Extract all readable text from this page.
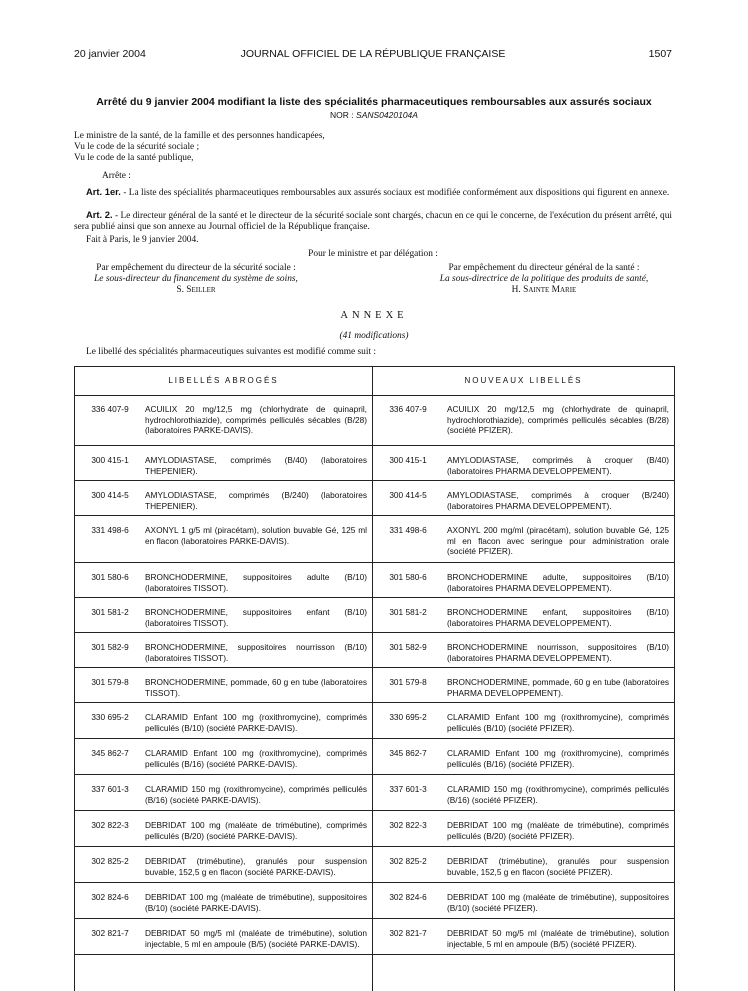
20 janvier 2004	JOURNAL OFFICIEL DE LA RÉPUBLIQUE FRANÇAISE	1507
Arrêté du 9 janvier 2004 modifiant la liste des spécialités pharmaceutiques remboursables aux assurés sociaux
NOR : SANS0420104A
Le ministre de la santé, de la famille et des personnes handicapées,
Vu le code de la sécurité sociale ;
Vu le code de la santé publique,
Arrête :
Art. 1er. - La liste des spécialités pharmaceutiques remboursables aux assurés sociaux est modifiée conformément aux dispositions qui figurent en annexe.
Art. 2. - Le directeur général de la santé et le directeur de la sécurité sociale sont chargés, chacun en ce qui le concerne, de l'exécution du présent arrêté, qui sera publié ainsi que son annexe au Journal officiel de la République française.
Fait à Paris, le 9 janvier 2004.
Pour le ministre et par délégation :
Par empêchement du directeur de la sécurité sociale :
Le sous-directeur du financement du système de soins,
S. Seiller
Par empêchement du directeur général de la santé :
La sous-directrice de la politique des produits de santé,
H. Sainte Marie
ANNEXE
(41 modifications)
Le libellé des spécialités pharmaceutiques suivantes est modifié comme suit :
LIBELLÉS ABROGÉS	NOUVEAUX LIBELLÉS
336 407-9	ACUILIX 20 mg/12,5 mg (chlorhydrate de quinapril, hydrochlorothiazide), comprimés pelliculés sécables (B/28) (laboratoires PARKE-DAVIS).
336 407-9	ACUILIX 20 mg/12,5 mg (chlorhydrate de quinapril, hydrochlorothiazide), comprimés pelliculés sécables (B/28) (société PFIZER).
300 415-1	AMYLODIASTASE, comprimés (B/40) (laboratoires THEPENIER).
300 415-1	AMYLODIASTASE, comprimés à croquer (B/40) (laboratoires PHARMA DEVELOPPEMENT).
300 414-5	AMYLODIASTASE, comprimés (B/240) (laboratoires THEPENIER).
300 414-5	AMYLODIASTASE, comprimés à croquer (B/240) (laboratoires PHARMA DEVELOPPEMENT).
331 498-6	AXONYL 1 g/5 ml (piracétam), solution buvable Gé, 125 ml en flacon (laboratoires PARKE-DAVIS).
331 498-6	AXONYL 200 mg/ml (piracétam), solution buvable Gé, 125 ml en flacon avec seringue pour administration orale (société PFIZER).
301 580-6	BRONCHODERMINE, suppositoires adulte (B/10) (laboratoires TISSOT).
301 580-6	BRONCHODERMINE adulte, suppositoires (B/10) (laboratoires PHARMA DEVELOPPEMENT).
301 581-2	BRONCHODERMINE, suppositoires enfant (B/10) (laboratoires TISSOT).
301 581-2	BRONCHODERMINE enfant, suppositoires (B/10) (laboratoires PHARMA DEVELOPPEMENT).
301 582-9	BRONCHODERMINE, suppositoires nourrisson (B/10) (laboratoires TISSOT).
301 582-9	BRONCHODERMINE nourrisson, suppositoires (B/10) (laboratoires PHARMA DEVELOPPEMENT).
301 579-8	BRONCHODERMINE, pommade, 60 g en tube (laboratoires TISSOT).
301 579-8	BRONCHODERMINE, pommade, 60 g en tube (laboratoires PHARMA DEVELOPPEMENT).
330 695-2	CLARAMID Enfant 100 mg (roxithromycine), comprimés pelliculés (B/10) (société PARKE-DAVIS).
330 695-2	CLARAMID Enfant 100 mg (roxithromycine), comprimés pelliculés (B/10) (société PFIZER).
345 862-7	CLARAMID Enfant 100 mg (roxithromycine), comprimés pelliculés (B/16) (société PARKE-DAVIS).
345 862-7	CLARAMID Enfant 100 mg (roxithromycine), comprimés pelliculés (B/16) (société PFIZER).
337 601-3	CLARAMID 150 mg (roxithromycine), comprimés pelliculés (B/16) (société PARKE-DAVIS).
337 601-3	CLARAMID 150 mg (roxithromycine), comprimés pelliculés (B/16) (société PFIZER).
302 822-3	DEBRIDAT 100 mg (maléate de trimébutine), comprimés pelliculés (B/20) (société PARKE-DAVIS).
302 822-3	DEBRIDAT 100 mg (maléate de trimébutine), comprimés pelliculés (B/20) (société PFIZER).
302 825-2	DEBRIDAT (trimébutine), granulés pour suspension buvable, 152,5 g en flacon (société PARKE-DAVIS).
302 825-2	DEBRIDAT (trimébutine), granulés pour suspension buvable, 152,5 g en flacon (société PFIZER).
302 824-6	DEBRIDAT 100 mg (maléate de trimébutine), suppositoires (B/10) (société PARKE-DAVIS).
302 824-6	DEBRIDAT 100 mg (maléate de trimébutine), suppositoires (B/10) (société PFIZER).
302 821-7	DEBRIDAT 50 mg/5 ml (maléate de trimébutine), solution injectable, 5 ml en ampoule (B/5) (société PARKE-DAVIS).
302 821-7	DEBRIDAT 50 mg/5 ml (maléate de trimébutine), solution injectable, 5 ml en ampoule (B/5) (société PFIZER).
